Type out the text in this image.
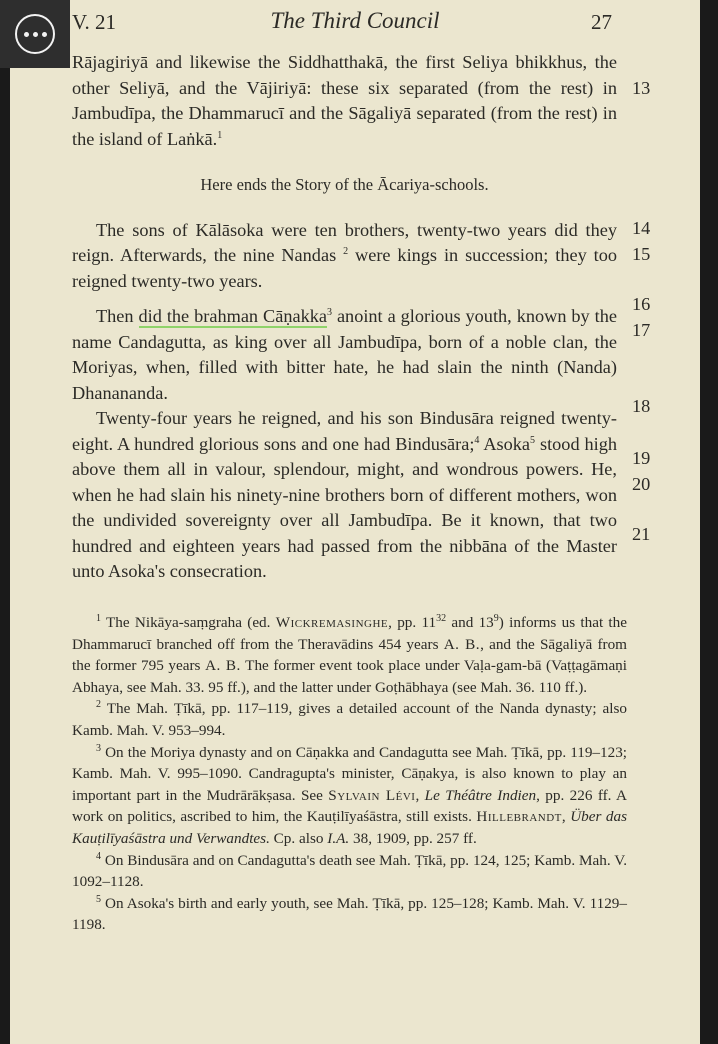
V. 21	The Third Council	27

Rājagiriyā and likewise the Siddhatthakā, the first Seliya bhikkhus, the other Seliyā, and the Vājiriyā: these six separated (from the rest) in Jambudīpa, the Dhammarucī and the Sāgaliyā separated (from the rest) in the island of Laṅkā.$^1$

Here ends the Story of the Ācariya-schools.

The sons of Kālāsoka were ten brothers, twenty-two years did they reign. Afterwards, the nine Nandas $^2$ were kings in succession; they too reigned twenty-two years.

Then did the brahman Cāṇakka$^3$ anoint a glorious youth, known by the name Candagutta, as king over all Jambudīpa, born of a noble clan, the Moriyas, when, filled with bitter hate, he had slain the ninth (Nanda) Dhanananda.

Twenty-four years he reigned, and his son Bindusāra reigned twenty-eight. A hundred glorious sons and one had Bindusāra;$^4$ Asoka$^5$ stood high above them all in valour, splendour, might, and wondrous powers. He, when he had slain his ninety-nine brothers born of different mothers, won the undivided sovereignty over all Jambudīpa. Be it known, that two hundred and eighteen years had passed from the nibbāna of the Master unto Asoka's consecration.

13
14
15
16
17
18
19
20
21

$^1$ The Nikāya-saṃgraha (ed. Wickremasinghe, pp. $11^{32}$ and $13^9$) informs us that the Dhammarucī branched off from the Theravādins 454 years A. B., and the Sāgaliyā from the former 795 years A. B. The former event took place under Vaḷa-gam-bā (Vaṭṭagāmaṇi Abhaya, see Mah. 33. 95 ff.), and the latter under Goṭhābhaya (see Mah. 36. 110 ff.).

$^2$ The Mah. Ṭīkā, pp. 117–119, gives a detailed account of the Nanda dynasty; also Kamb. Mah. V. 953–994.

$^3$ On the Moriya dynasty and on Cāṇakka and Candagutta see Mah. Ṭīkā, pp. 119–123; Kamb. Mah. V. 995–1090. Candragupta's minister, Cāṇakya, is also known to play an important part in the Mudrārākṣasa. See Sylvain Lévi, Le Théâtre Indien, pp. 226 ff. A work on politics, ascribed to him, the Kauṭilīyaśāstra, still exists. Hillebrandt, Über das Kauṭilīyaśāstra und Verwandtes. Cp. also I.A. 38, 1909, pp. 257 ff.

$^4$ On Bindusāra and on Candagutta's death see Mah. Ṭīkā, pp. 124, 125; Kamb. Mah. V. 1092–1128.

$^5$ On Asoka's birth and early youth, see Mah. Ṭīkā, pp. 125–128; Kamb. Mah. V. 1129–1198.
